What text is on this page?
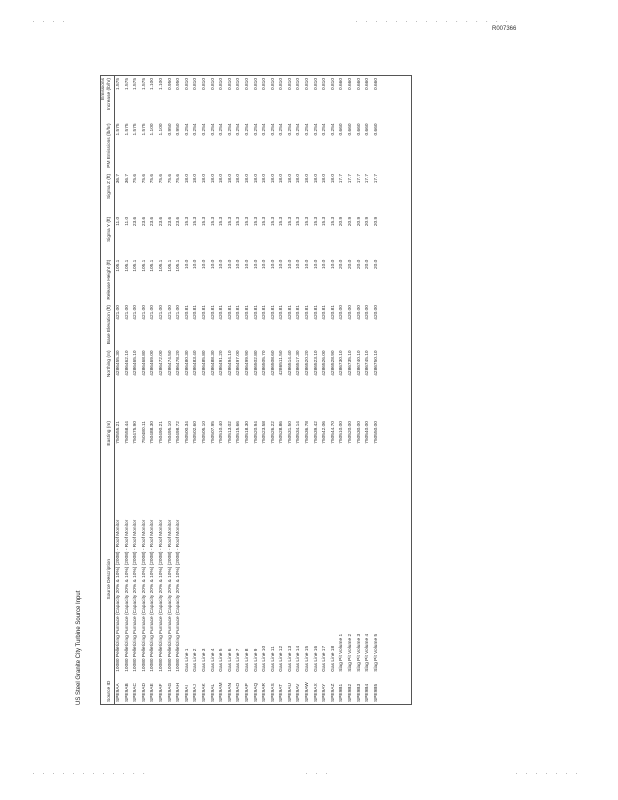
. . . .	. . . . . . . . . . . . . . . .
R007366
US Steel Granite City Turbine Source Input	Source ID	Source Description	Easting (m)	Northing (m)	Base Elevation (ft)	Release Height (ft)	Sigma Y (ft)	Sigma Z (ft)	PM Emissions (lb/hr)	Emissions Increase (lb/hr)
SPE9AA	10080 Pelletizing Furnace (Capacity 20% & 10%) (2008) - Roof Monitor	750555.21	4286455.30	421.00	105.1	11.0	36.7	1.575	1.575
SPE9AB	10080 Pelletizing Furnace (Capacity 20% & 10%) (2008) - Roof Monitor	750558.44	4286462.10	421.00	105.1	11.0	36.7	1.575	1.575
SPE9AC	10080 Pelletizing Furnace (Capacity 20% & 10%) (2008) - Roof Monitor	750475.90	4286465.10	421.00	105.1	23.6	75.6	1.575	1.575
SPE9AD	10080 Pelletizing Furnace (Capacity 20% & 10%) (2008) - Roof Monitor	750480.11	4286468.80	421.00	105.1	23.6	75.6	1.575	1.575
SPE9AE	10080 Pelletizing Furnace (Capacity 20% & 10%) (2008) - Roof Monitor	750488.30	4286469.00	421.00	105.1	23.6	75.6	1.100	1.100
SPE9AF	10080 Pelletizing Furnace (Capacity 20% & 10%) (2008) - Roof Monitor	750490.21	4286472.00	421.00	105.1	23.6	75.6	1.100	1.100
SPE9AG	10080 Pelletizing Furnace (Capacity 20% & 10%) (2008) - Roof Monitor	750495.10	4286474.50	421.00	105.1	23.6	75.6	0.950	0.950
SPE9AH	10080 Pelletizing Furnace (Capacity 20% & 10%) (2008) - Roof Monitor	750498.72	4286478.20	421.00	105.1	23.6	75.6	0.950	0.950
SPE9AI	Gas Line 1	750500.34	4286480.30	420.81	10.0	15.3	18.0	0.254	0.810
SPE9AJ	Gas Line 2	750502.60	4286483.40	420.81	10.0	15.3	18.0	0.254	0.810
SPE9AK	Gas Line 3	750505.10	4286485.80	420.81	10.0	15.3	18.0	0.254	0.810
SPE9AL	Gas Line 4	750507.95	4286488.30	420.81	10.0	15.3	18.0	0.254	0.810
SPE9AM	Gas Line 5	750510.40	4286491.20	420.81	10.0	15.3	18.0	0.254	0.810
SPE9AN	Gas Line 6	750513.02	4286494.10	420.81	10.0	15.3	18.0	0.254	0.810
SPE9AO	Gas Line 7	750515.66	4286497.00	420.81	10.0	15.3	18.0	0.254	0.810
SPE9AP	Gas Line 8	750518.30	4286499.90	420.81	10.0	15.3	18.0	0.254	0.810
SPE9AQ	Gas Line 9	750520.94	4286502.80	420.81	10.0	15.3	18.0	0.254	0.810
SPE9AR	Gas Line 10	750523.58	4286505.70	420.81	10.0	15.3	18.0	0.254	0.810
SPE9AS	Gas Line 11	750526.22	4286508.60	420.81	10.0	15.3	18.0	0.254	0.810
SPE9AT	Gas Line 12	750528.86	4286511.50	420.81	10.0	15.3	18.0	0.254	0.810
SPE9AU	Gas Line 13	750531.50	4286514.40	420.81	10.0	15.3	18.0	0.254	0.810
SPE9AV	Gas Line 14	750534.14	4286517.30	420.81	10.0	15.3	18.0	0.254	0.810
SPE9AW	Gas Line 15	750536.78	4286520.20	420.81	10.0	15.3	18.0	0.254	0.810
SPE9AX	Gas Line 16	750539.42	4286523.10	420.81	10.0	15.3	18.0	0.254	0.810
SPE9AY	Gas Line 17	750542.06	4286526.00	420.81	10.0	15.3	18.0	0.254	0.810
SPE9AZ	Gas Line 18	750544.70	4286528.90	420.81	10.0	15.3	18.0	0.254	0.810
SPE9B1	Slag Pit Volume 1	750510.00	4286730.10	420.00	20.0	20.9	17.7	0.660	0.660
SPE9B2	Slag Pit Volume 2	750520.00	4286735.10	420.00	20.0	20.9	17.7	0.660	0.660
SPE9B3	Slag Pit Volume 3	750530.00	4286740.10	420.00	20.0	20.9	17.7	0.660	0.660
SPE9B4	Slag Pit Volume 4	750540.00	4286745.10	420.00	20.0	20.9	17.7	0.660	0.660
SPE9B5	Slag Pit Volume 5	750550.00	4286750.10	420.00	20.0	20.9	17.7	0.660	0.660
. . . . . . . . . . . .	. . .	. . . . . . .
